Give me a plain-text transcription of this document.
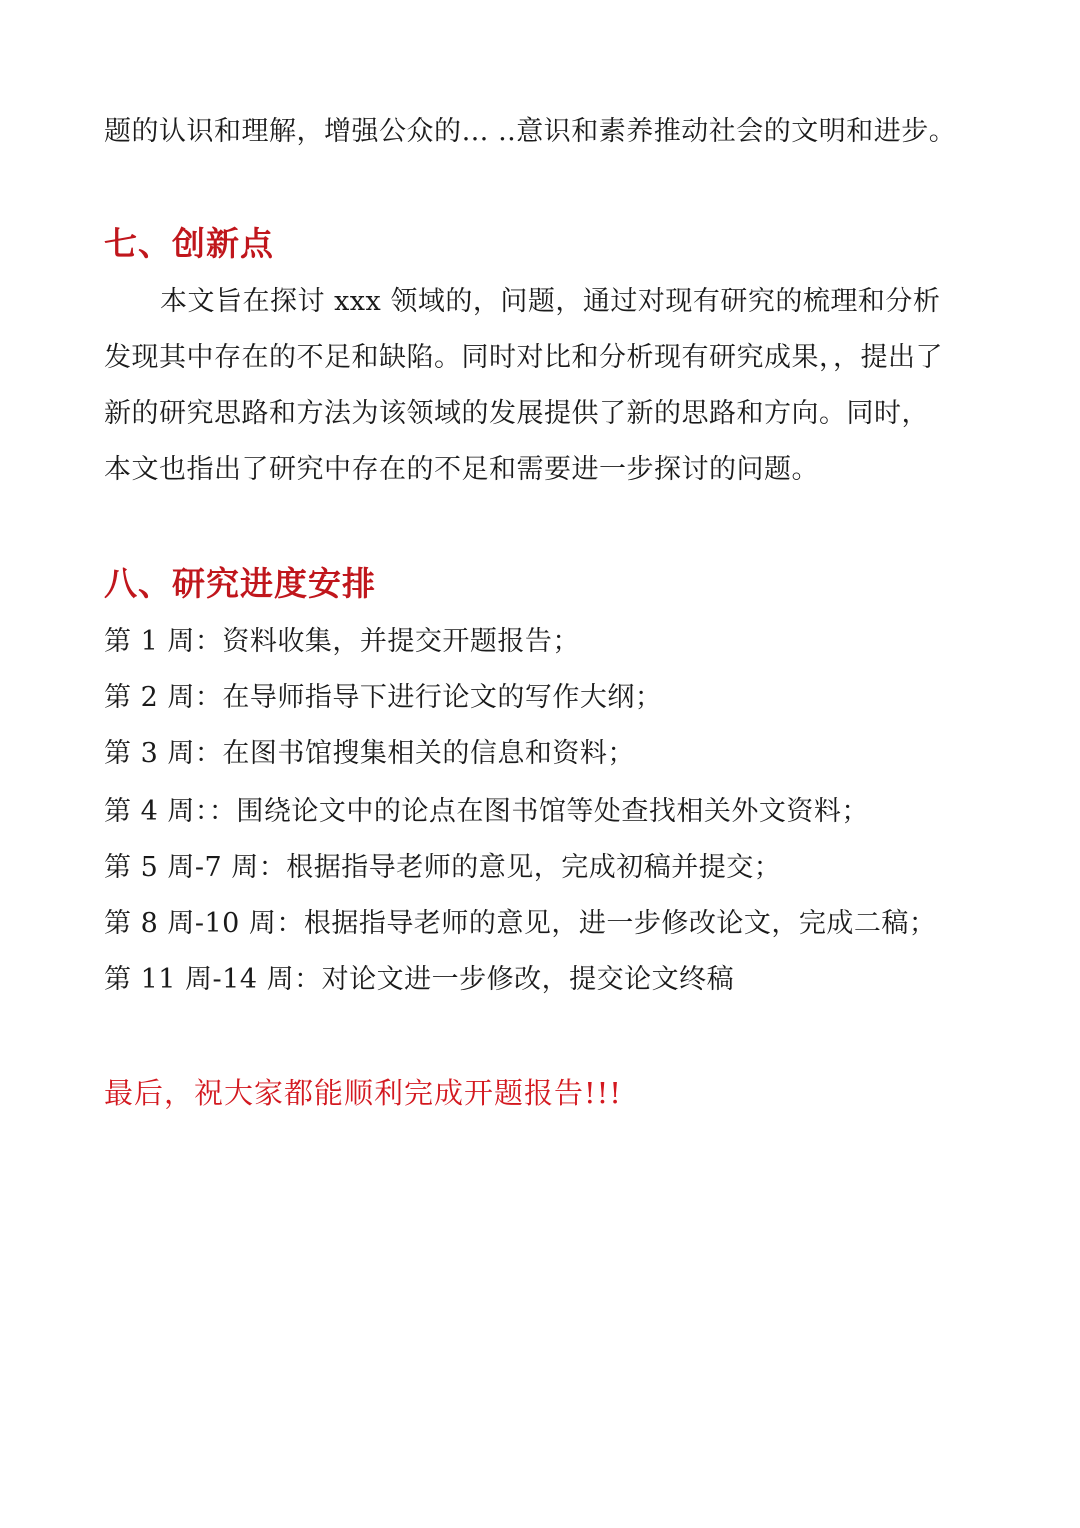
题的认识和理解，增强公众的… ..意识和素养推动社会的文明和进步。
七、创新点
本文旨在探讨 xxx 领域的，问题，通过对现有研究的梳理和分析
发现其中存在的不足和缺陷。同时对比和分析现有研究成果，，提出了
新的研究思路和方法为该领域的发展提供了新的思路和方向。同时，
本文也指出了研究中存在的不足和需要进一步探讨的问题。
八、研究进度安排
第 1 周：资料收集，并提交开题报告；
第 2 周：在导师指导下进行论文的写作大纲；
第 3 周：在图书馆搜集相关的信息和资料；
第 4 周：：围绕论文中的论点在图书馆等处查找相关外文资料；
第 5 周-7 周：根据指导老师的意见，完成初稿并提交；
第 8 周-10 周：根据指导老师的意见，进一步修改论文，完成二稿；
第 11 周-14 周：对论文进一步修改，提交论文终稿
最后，祝大家都能顺利完成开题报告!!!
